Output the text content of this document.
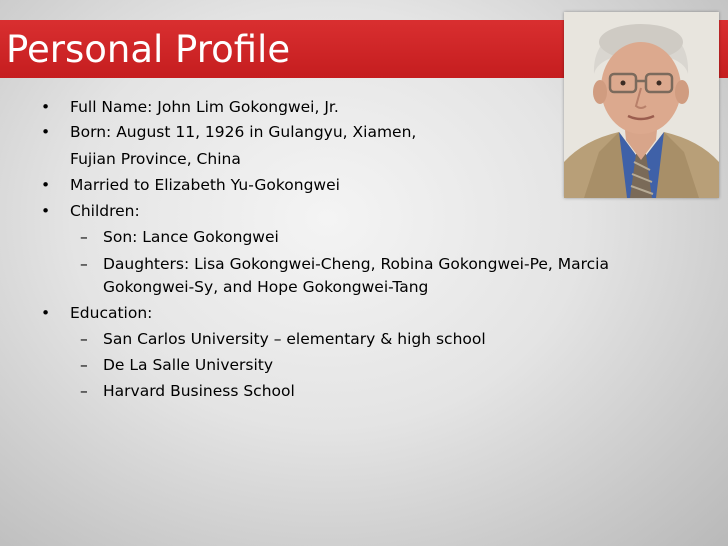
Personal Profile
• Full Name: John Lim Gokongwei, Jr.
• Born: August 11, 1926 in Gulangyu, Xiamen,
Fujian Province, China
• Married to Elizabeth Yu-Gokongwei
• Children:
– Son: Lance Gokongwei
– Daughters: Lisa Gokongwei-Cheng, Robina Gokongwei-Pe, Marcia
Gokongwei-Sy, and Hope Gokongwei-Tang
• Education:
– San Carlos University – elementary & high school
– De La Salle University
– Harvard Business School
